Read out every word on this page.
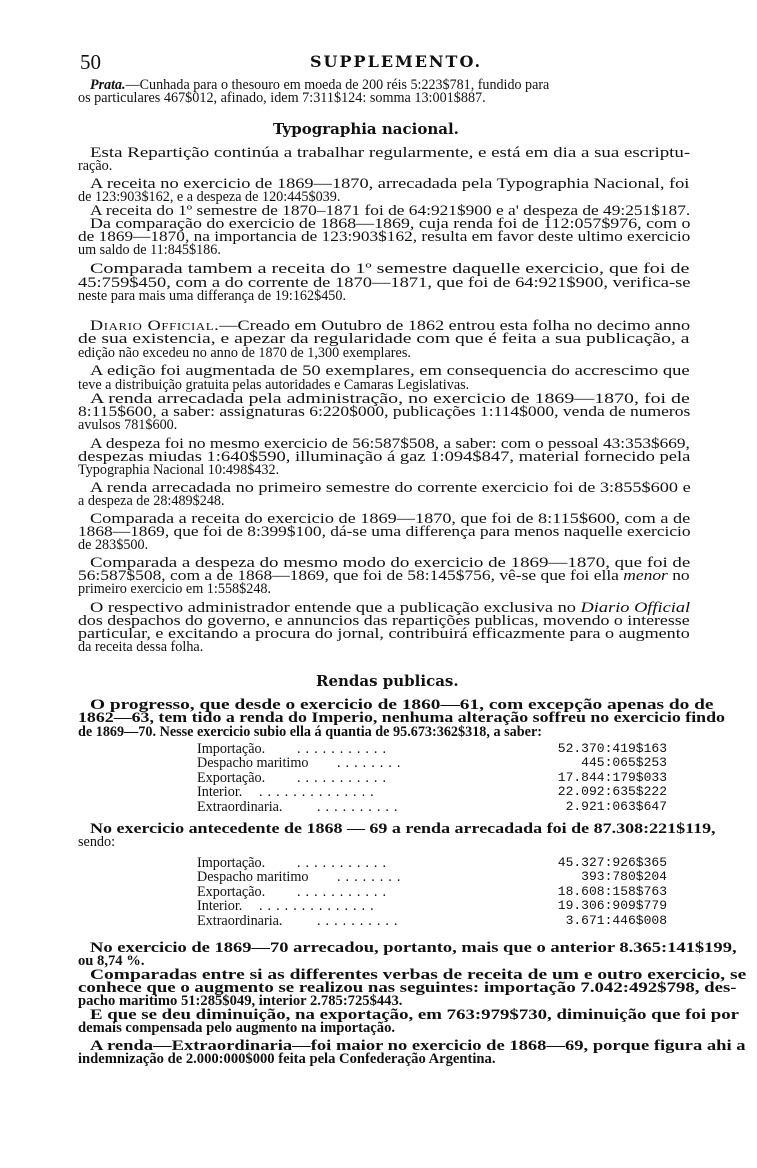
50	SUPPLEMENTO.
Prata.—Cunhada para o thesouro em moeda de 200 réis 5:223$781, fundido para
os particulares 467$012, afinado, idem 7:311$124: somma 13:001$887.
Typographia nacional.
Esta Repartição continúa a trabalhar regularmente, e está em dia a sua escriptu-
ração.
A receita no exercicio de 1869—1870, arrecadada pela Typographia Nacional, foi
de 123:903$162, e a despeza de 120:445$039.
A receita do 1º semestre de 1870–1871 foi de 64:921$900 e a' despeza de 49:251$187.
Da comparação do exercicio de 1868—1869, cuja renda foi de 112:057$976, com o
de 1869—1870, na importancia de 123:903$162, resulta em favor deste ultimo exercicio
um saldo de 11:845$186.
Comparada tambem a receita do 1º semestre daquelle exercicio, que foi de
45:759$450, com a do corrente de 1870—1871, que foi de 64:921$900, verifica-se
neste para mais uma differança de 19:162$450.
Diario Official.—Creado em Outubro de 1862 entrou esta folha no decimo anno
de sua existencia, e apezar da regularidade com que é feita a sua publicação, a
edição não excedeu no anno de 1870 de 1,300 exemplares.
A edição foi augmentada de 50 exemplares, em consequencia do accrescimo que
teve a distribuição gratuita pelas autoridades e Camaras Legislativas.
A renda arrecadada pela administração, no exercicio de 1869—1870, foi de
8:115$600, a saber: assignaturas 6:220$000, publicações 1:114$000, venda de numeros
avulsos 781$600.
A despeza foi no mesmo exercicio de 56:587$508, a saber: com o pessoal 43:353$669,
despezas miudas 1:640$590, illuminação á gaz 1:094$847, material fornecido pela
Typographia Nacional 10:498$432.
A renda arrecadada no primeiro semestre do corrente exercicio foi de 3:855$600 e
a despeza de 28:489$248.
Comparada a receita do exercicio de 1869—1870, que foi de 8:115$600, com a de
1868—1869, que foi de 8:399$100, dá-se uma differença para menos naquelle exercicio
de 283$500.
Comparada a despeza do mesmo modo do exercicio de 1869—1870, que foi de
56:587$508, com a de 1868—1869, que foi de 58:145$756, vê-se que foi ella menor no
primeiro exercicio em 1:558$248.
O respectivo administrador entende que a publicação exclusiva no Diario Official
dos despachos do governo, e annuncios das repartições publicas, movendo o interesse
particular, e excitando a procura do jornal, contribuirá efficazmente para o augmento
da receita dessa folha.
Rendas publicas.
O progresso, que desde o exercicio de 1860—61, com excepção apenas do de
1862—63, tem tido a renda do Imperio, nenhuma alteração soffreu no exercicio findo
de 1869—70. Nesse exercicio subio ella á quantia de 95.673:362$318, a saber:
Importação. ...........	52.370:419$163
Despacho maritimo ........	445:065$253
Exportação. ...........	17.844:179$033
Interior. ..............	22.092:635$222
Extraordinaria. ..........	2.921:063$647
No exercicio antecedente de 1868 — 69 a renda arrecadada foi de 87.308:221$119,
sendo:
Importação. ...........	45.327:926$365
Despacho maritimo ........	393:780$204
Exportação. ...........	18.608:158$763
Interior. ..............	19.306:909$779
Extraordinaria. ..........	3.671:446$008
No exercicio de 1869—70 arrecadou, portanto, mais que o anterior 8.365:141$199,
ou 8,74 %.
Comparadas entre si as differentes verbas de receita de um e outro exercicio, se
conhece que o augmento se realizou nas seguintes: importação 7.042:492$798, des-
pacho maritimo 51:285$049, interior 2.785:725$443.
E que se deu diminuição, na exportação, em 763:979$730, diminuição que foi por
demais compensada pelo augmento na importação.
A renda—Extraordinaria—foi maior no exercicio de 1868—69, porque figura ahi a
indemnização de 2.000:000$000 feita pela Confederação Argentina.
